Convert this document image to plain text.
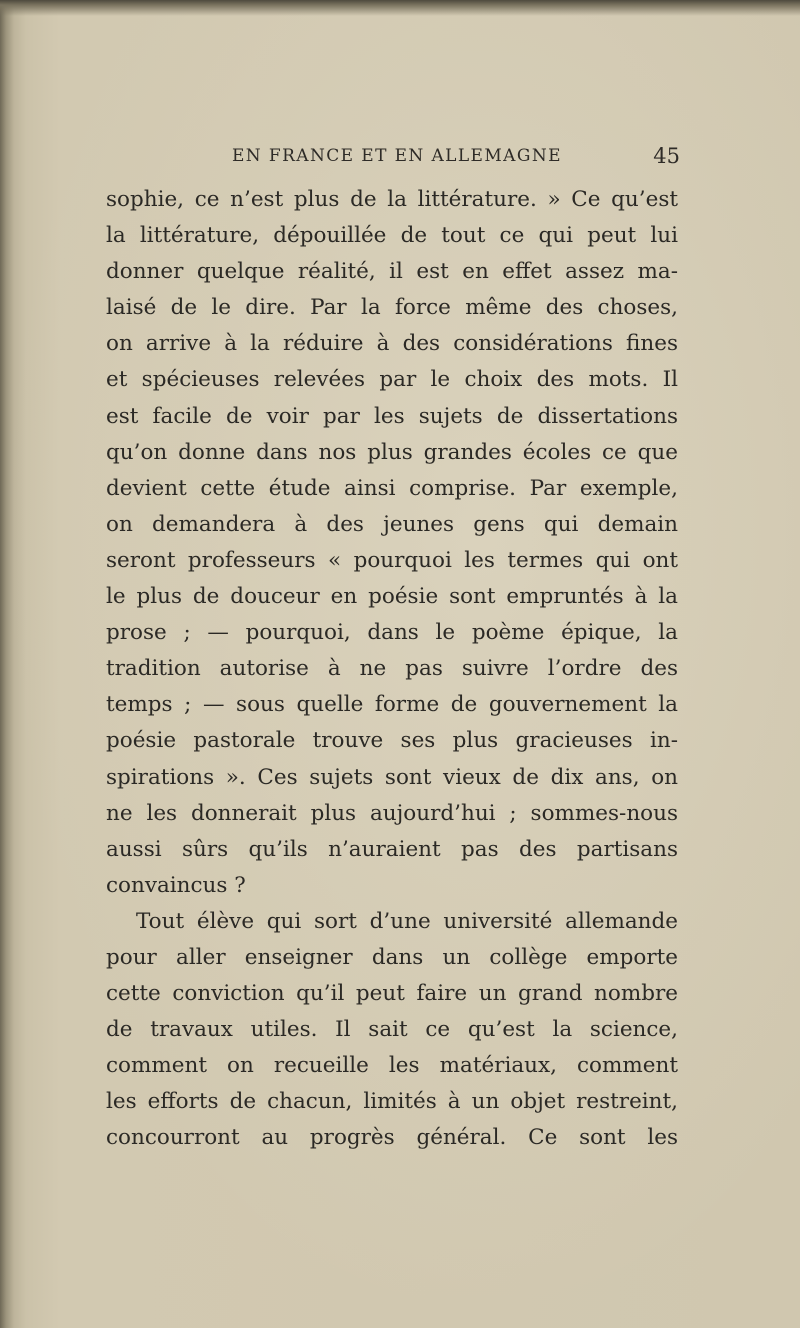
EN FRANCE ET EN ALLEMAGNE	45
sophie, ce n’est plus de la littérature. » Ce qu’est
la littérature, dépouillée de tout ce qui peut lui
donner quelque réalité, il est en effet assez ma-
laisé de le dire. Par la force même des choses,
on arrive à la réduire à des considérations fines
et spécieuses relevées par le choix des mots. Il
est facile de voir par les sujets de dissertations
qu’on donne dans nos plus grandes écoles ce que
devient cette étude ainsi comprise. Par exemple,
on demandera à des jeunes gens qui demain
seront professeurs « pourquoi les termes qui ont
le plus de douceur en poésie sont empruntés à la
prose ; — pourquoi, dans le poème épique, la
tradition autorise à ne pas suivre l’ordre des
temps ; — sous quelle forme de gouvernement la
poésie pastorale trouve ses plus gracieuses in-
spirations ». Ces sujets sont vieux de dix ans, on
ne les donnerait plus aujourd’hui ; sommes-nous
aussi sûrs qu’ils n’auraient pas des partisans
convaincus ?
Tout élève qui sort d’une université allemande
pour aller enseigner dans un collège emporte
cette conviction qu’il peut faire un grand nombre
de travaux utiles. Il sait ce qu’est la science,
comment on recueille les matériaux, comment
les efforts de chacun, limités à un objet restreint,
concourront au progrès général. Ce sont les
